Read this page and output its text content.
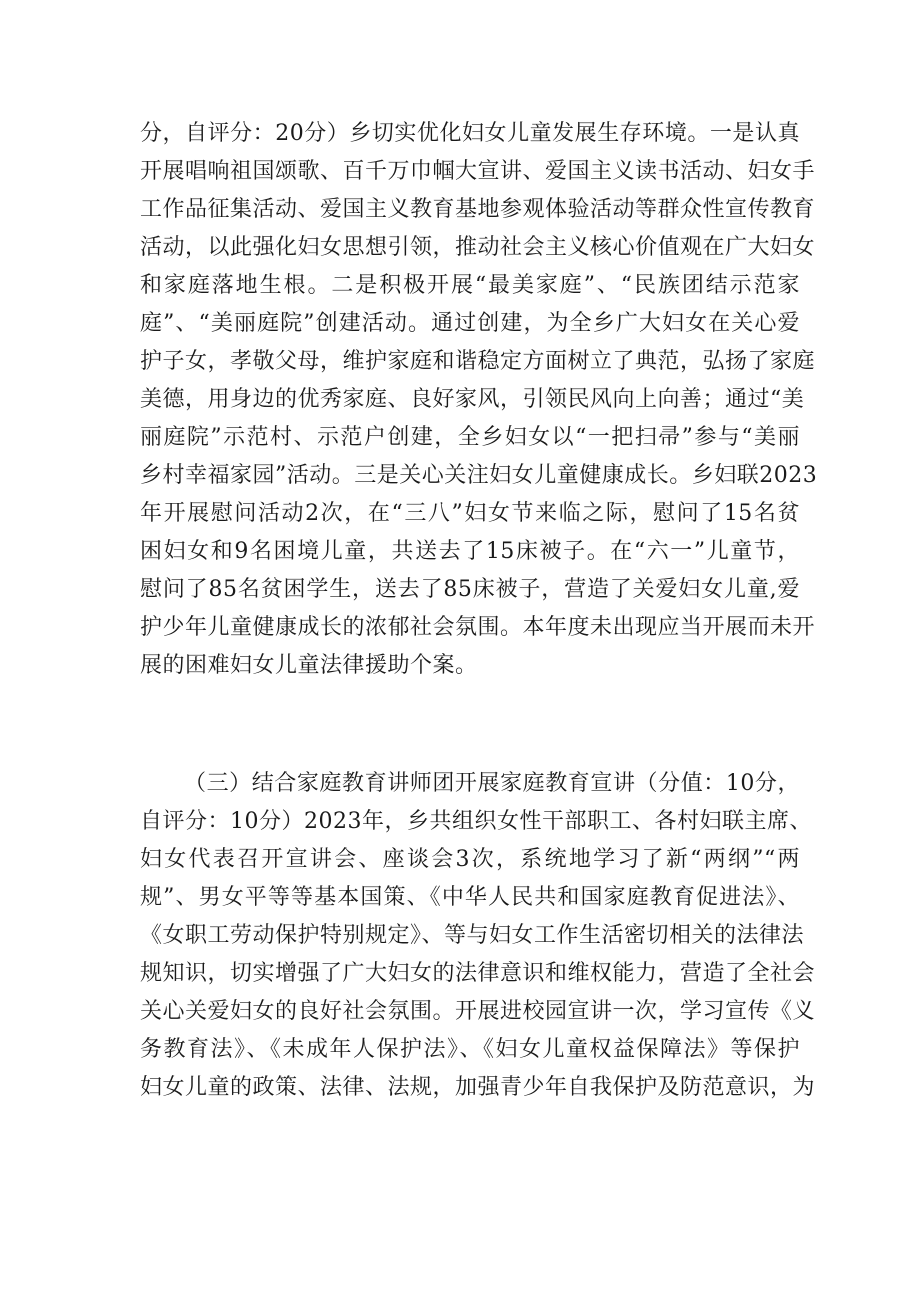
分，自评分：20分）乡切实优化妇女儿童发展生存环境。一是认真
开展唱响祖国颂歌、百千万巾帼大宣讲、爱国主义读书活动、妇女手
工作品征集活动、爱国主义教育基地参观体验活动等群众性宣传教育
活动，以此强化妇女思想引领，推动社会主义核心价值观在广大妇女
和家庭落地生根。二是积极开展“最美家庭”、“民族团结示范家
庭”、“美丽庭院”创建活动。通过创建，为全乡广大妇女在关心爱
护子女，孝敬父母，维护家庭和谐稳定方面树立了典范，弘扬了家庭
美德，用身边的优秀家庭、良好家风，引领民风向上向善；通过“美
丽庭院”示范村、示范户创建，全乡妇女以“一把扫帚”参与“美丽
乡村幸福家园”活动。三是关心关注妇女儿童健康成长。乡妇联2023
年开展慰问活动2次，在“三八”妇女节来临之际，慰问了15名贫
困妇女和9名困境儿童，共送去了15床被子。在“六一”儿童节，
慰问了85名贫困学生，送去了85床被子，营造了关爱妇女儿童,爱
护少年儿童健康成长的浓郁社会氛围。本年度未出现应当开展而未开
展的困难妇女儿童法律援助个案。
（三）结合家庭教育讲师团开展家庭教育宣讲（分值：10分，
自评分：10分）2023年，乡共组织女性干部职工、各村妇联主席、
妇女代表召开宣讲会、座谈会3次，系统地学习了新“两纲”“两
规”、男女平等等基本国策、《中华人民共和国家庭教育促进法》、
《女职工劳动保护特别规定》、等与妇女工作生活密切相关的法律法
规知识，切实增强了广大妇女的法律意识和维权能力，营造了全社会
关心关爱妇女的良好社会氛围。开展进校园宣讲一次，学习宣传《义
务教育法》、《未成年人保护法》、《妇女儿童权益保障法》等保护
妇女儿童的政策、法律、法规，加强青少年自我保护及防范意识，为
